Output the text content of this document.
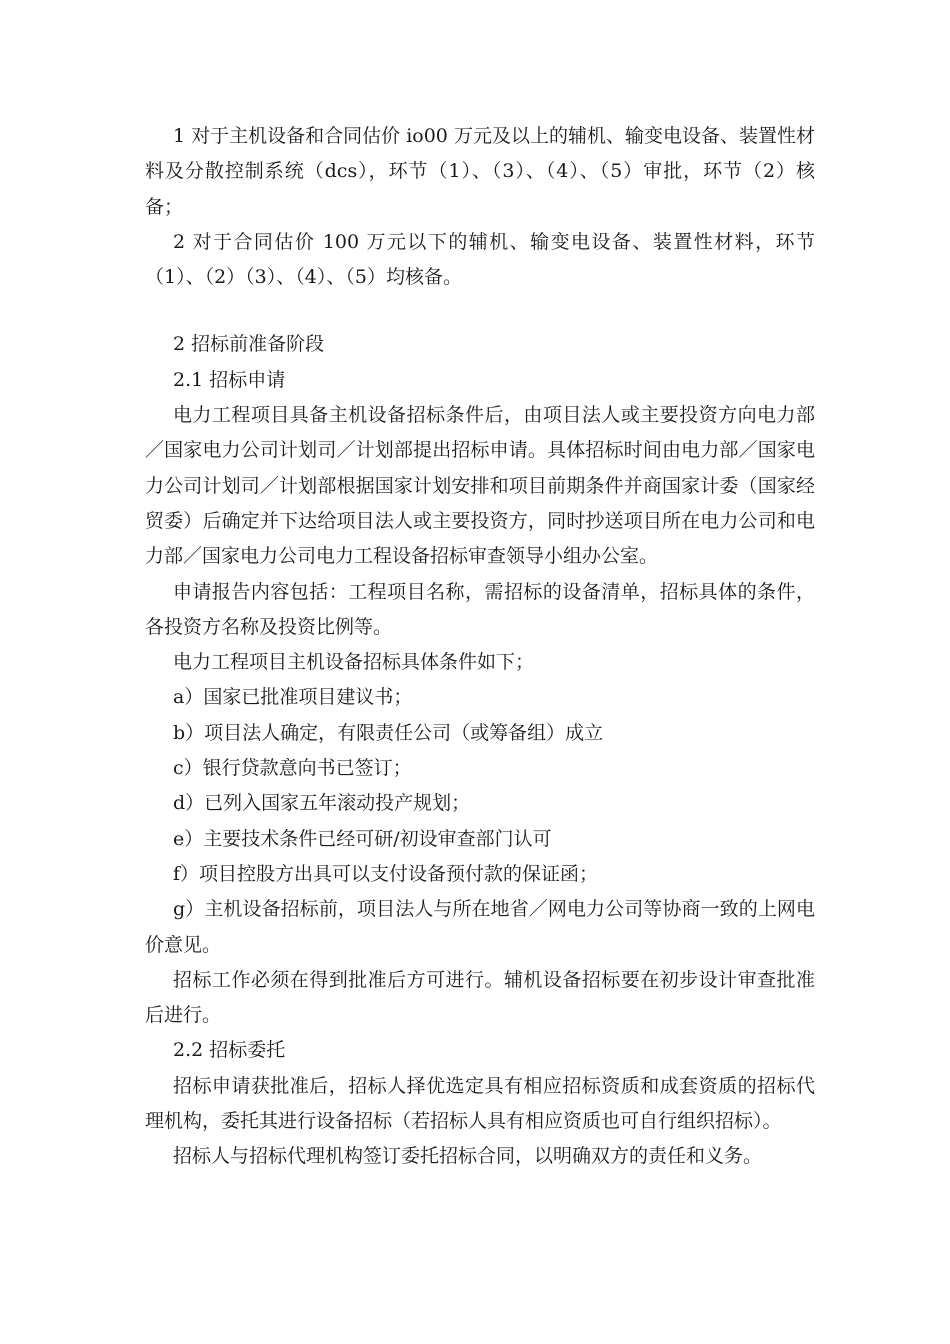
1 对于主机设备和合同估价 io00 万元及以上的辅机、输变电设备、装置性材料及分散控制系统（dcs），环节（1）、（3）、（4）、（5）审批，环节（2）核备；

2 对于合同估价 100 万元以下的辅机、输变电设备、装置性材料，环节（1）、（2）（3）、（4）、（5）均核备。

2 招标前准备阶段

2.1 招标申请

电力工程项目具备主机设备招标条件后，由项目法人或主要投资方向电力部／国家电力公司计划司／计划部提出招标申请。具体招标时间由电力部／国家电力公司计划司／计划部根据国家计划安排和项目前期条件并商国家计委（国家经贸委）后确定并下达给项目法人或主要投资方，同时抄送项目所在电力公司和电力部／国家电力公司电力工程设备招标审查领导小组办公室。

申请报告内容包括：工程项目名称，需招标的设备清单，招标具体的条件，各投资方名称及投资比例等。

电力工程项目主机设备招标具体条件如下；

a）国家已批准项目建议书；

b）项目法人确定，有限责任公司（或筹备组）成立

c）银行贷款意向书已签订；

d）已列入国家五年滚动投产规划；

e）主要技术条件已经可研/初设审查部门认可

f）项目控股方出具可以支付设备预付款的保证函；

g）主机设备招标前，项目法人与所在地省／网电力公司等协商一致的上网电价意见。

招标工作必须在得到批准后方可进行。辅机设备招标要在初步设计审查批准后进行。

2.2 招标委托

招标申请获批准后，招标人择优选定具有相应招标资质和成套资质的招标代理机构，委托其进行设备招标（若招标人具有相应资质也可自行组织招标）。

招标人与招标代理机构签订委托招标合同，以明确双方的责任和义务。
